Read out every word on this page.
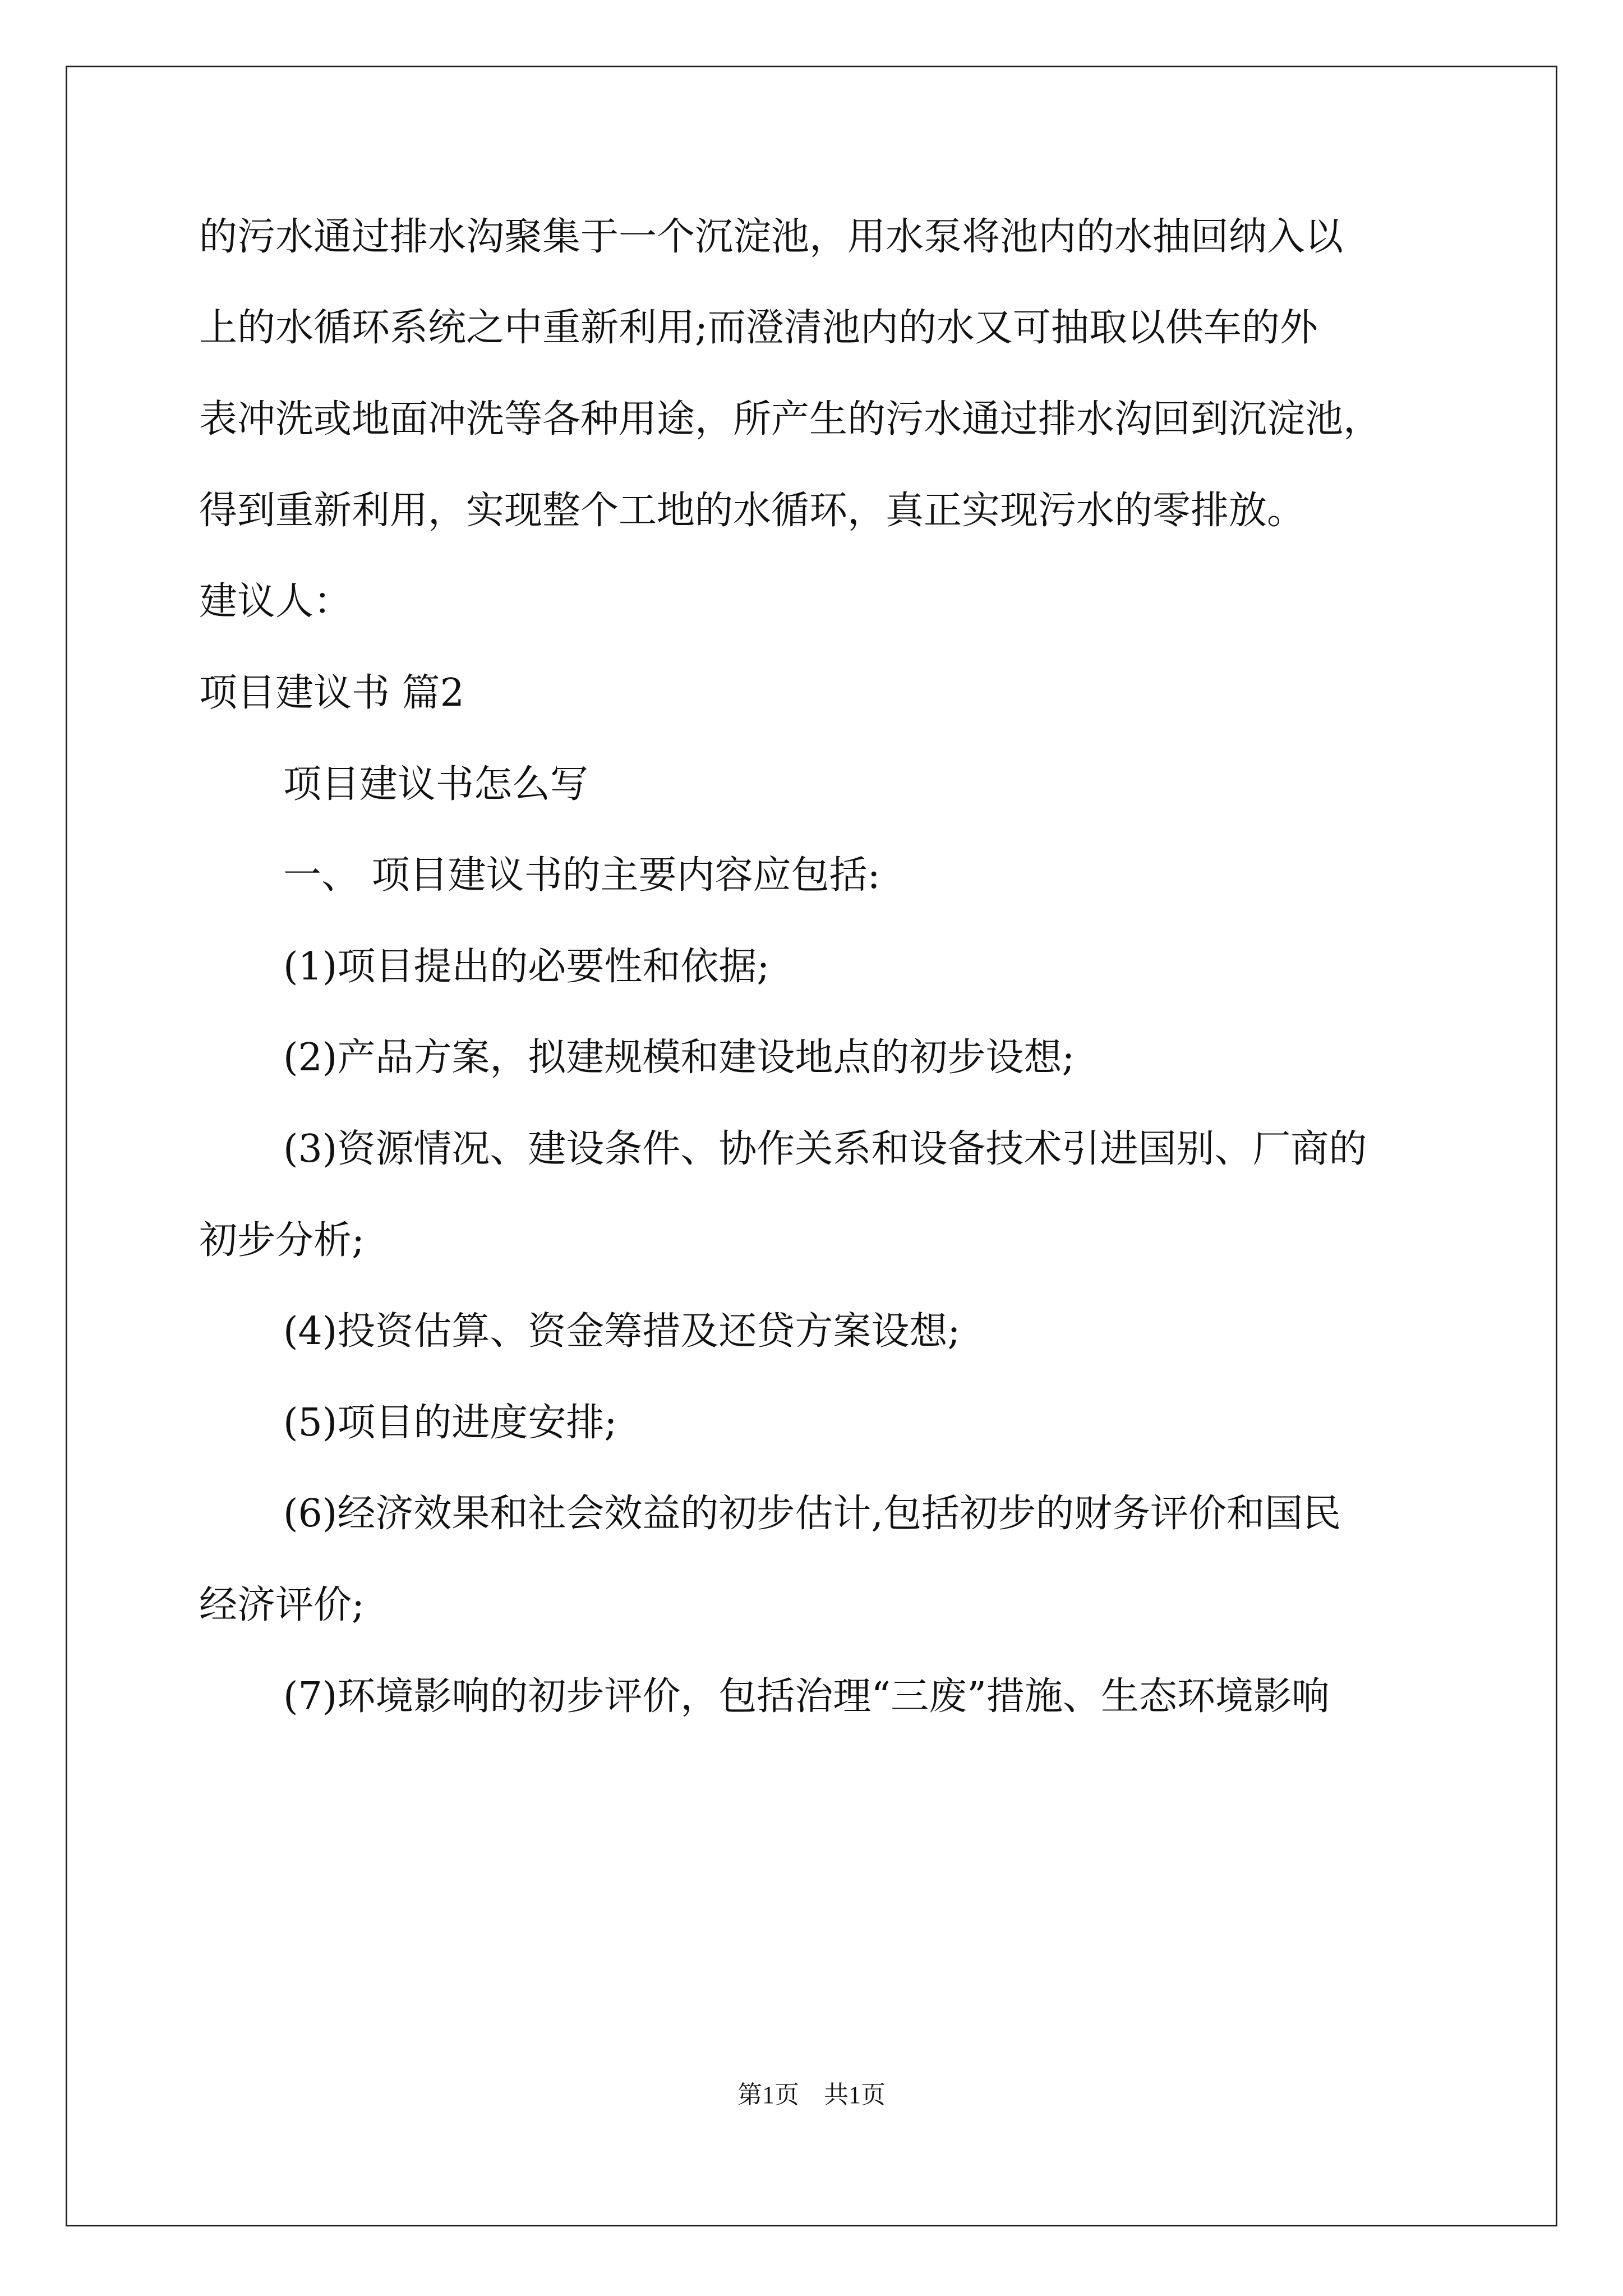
的污水通过排水沟聚集于一个沉淀池，用水泵将池内的水抽回纳入以

上的水循环系统之中重新利用;而澄清池内的水又可抽取以供车的外

表冲洗或地面冲洗等各种用途，所产生的污水通过排水沟回到沉淀池，

得到重新利用，实现整个工地的水循环，真正实现污水的零排放。

建议人：

项目建议书 篇2

项目建议书怎么写

一、 项目建议书的主要内容应包括:

(1)项目提出的必要性和依据;

(2)产品方案，拟建规模和建设地点的初步设想;

(3)资源情况、建设条件、协作关系和设备技术引进国别、厂商的

初步分析;

(4)投资估算、资金筹措及还贷方案设想;

(5)项目的进度安排;

(6)经济效果和社会效益的初步估计,包括初步的财务评价和国民

经济评价;

(7)环境影响的初步评价，包括治理“三废”措施、生态环境影响

第1页　共1页
